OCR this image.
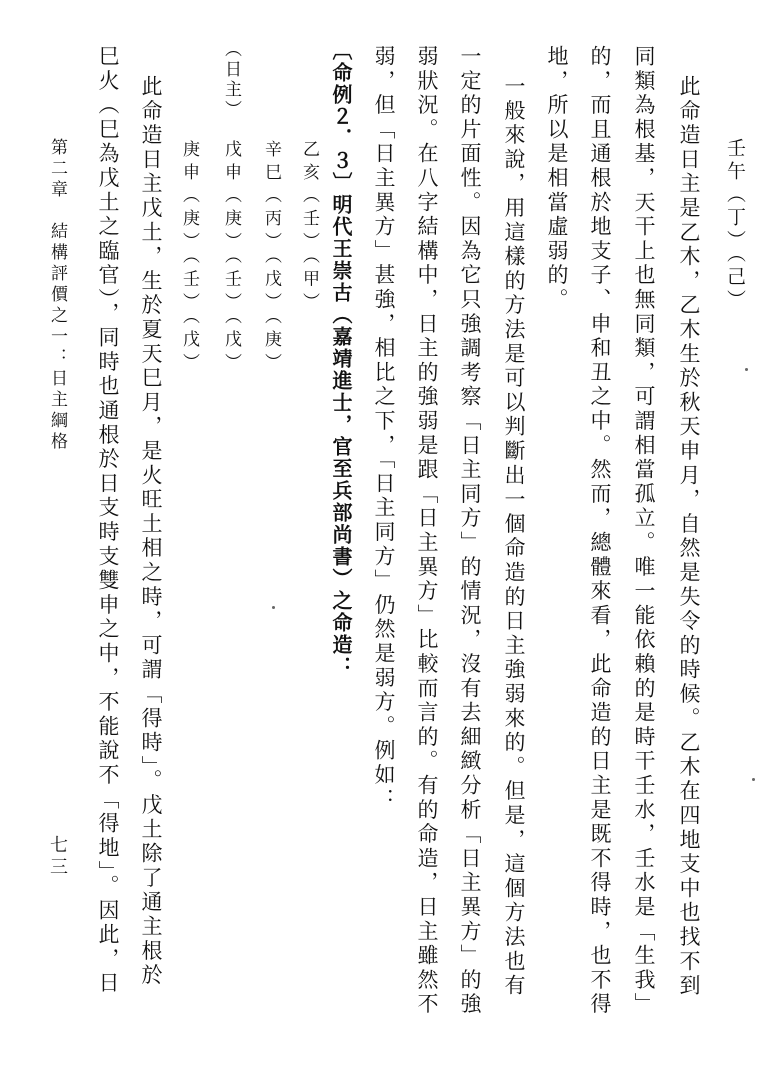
壬午（丁）（己）
此命造日主是乙木，乙木生於秋天申月，自然是失令的時候。乙木在四地支中也找不到
同類為根基，天干上也無同類，可謂相當孤立。唯一能依賴的是時干壬水，壬水是「生我」
的，而且通根於地支子、申和丑之中。然而，總體來看，此命造的日主是既不得時，也不得
地，所以是相當虛弱的。
一般來說，用這樣的方法是可以判斷出一個命造的日主強弱來的。但是，這個方法也有
一定的片面性。因為它只強調考察「日主同方」的情況，沒有去細緻分析「日主異方」的強
弱狀況。在八字結構中，日主的強弱是跟「日主異方」比較而言的。有的命造，日主雖然不
弱，但「日主異方」甚強，相比之下，「日主同方」仍然是弱方。例如：
〔命例２．３〕明代王崇古（嘉靖進士，官至兵部尚書）之命造：
乙亥（壬）（甲）
辛巳（丙）（戊）（庚）
戊申（庚）（壬）（戊）
（日主）
庚申（庚）（壬）（戊）
此命造日主戊土，生於夏天巳月，是火旺土相之時，可謂「得時」。戊土除了通主根於
巳火（巳為戊土之臨官），同時也通根於日支時支雙申之中，不能說不「得地」。因此，日
第二章　結構評價之一：日主綱格
七三
